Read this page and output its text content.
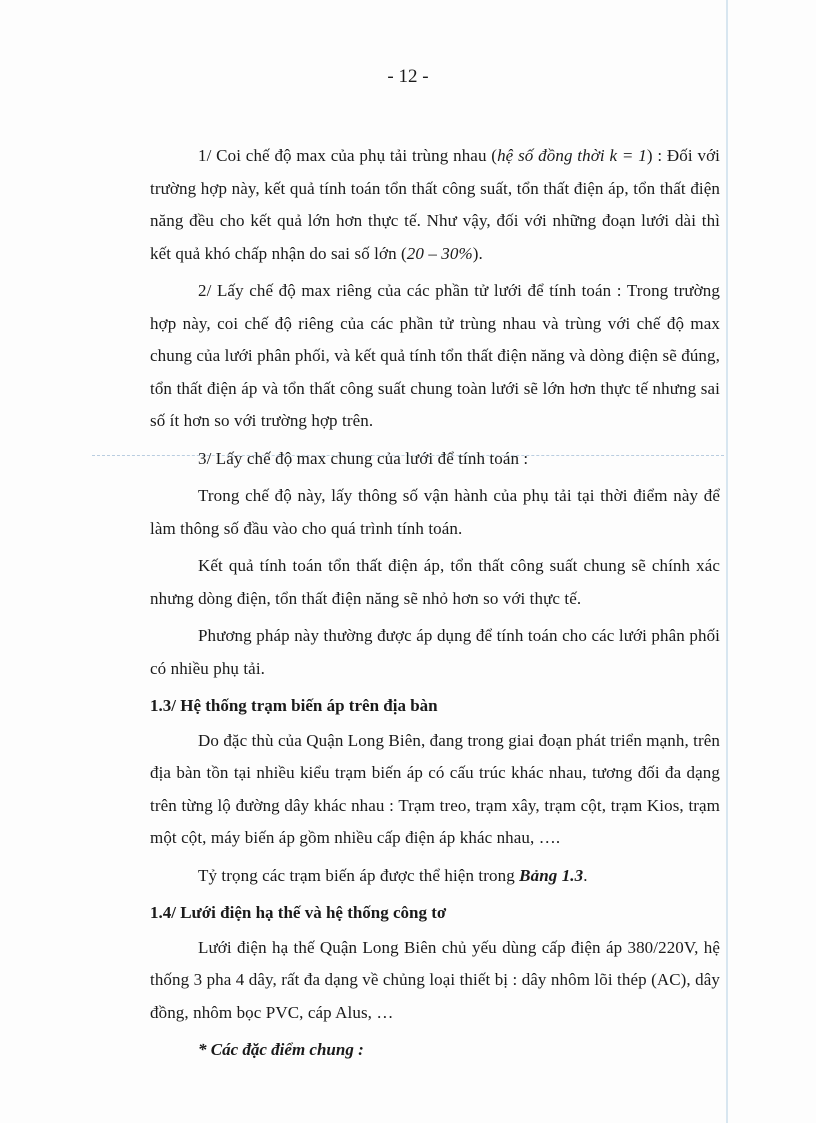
- 12 -

1/ Coi chế độ max của phụ tải trùng nhau (hệ số đồng thời k = 1) : Đối với trường hợp này, kết quả tính toán tổn thất công suất, tổn thất điện áp, tổn thất điện năng đều cho kết quả lớn hơn thực tế. Như vậy, đối với những đoạn lưới dài thì kết quả khó chấp nhận do sai số lớn (20 – 30%).

2/ Lấy chế độ max riêng của các phần tử lưới để tính toán : Trong trường hợp này, coi chế độ riêng của các phần tử trùng nhau và trùng với chế độ max chung của lưới phân phối, và kết quả tính tổn thất điện năng và dòng điện sẽ đúng, tổn thất điện áp và tổn thất công suất chung toàn lưới sẽ lớn hơn thực tế nhưng sai số ít hơn so với trường hợp trên.

3/ Lấy chế độ max chung của lưới để tính toán :

Trong chế độ này, lấy thông số vận hành của phụ tải tại thời điểm này để làm thông số đầu vào cho quá trình tính toán.

Kết quả tính toán tổn thất điện áp, tổn thất công suất chung sẽ chính xác nhưng dòng điện, tổn thất điện năng sẽ nhỏ hơn so với thực tế.

Phương pháp này thường được áp dụng để tính toán cho các lưới phân phối có nhiều phụ tải.

1.3/ Hệ thống trạm biến áp trên địa bàn

Do đặc thù của Quận Long Biên, đang trong giai đoạn phát triển mạnh, trên địa bàn tồn tại nhiều kiểu trạm biến áp có cấu trúc khác nhau, tương đối đa dạng trên từng lộ đường dây khác nhau : Trạm treo, trạm xây, trạm cột, trạm Kios, trạm một cột, máy biến áp gồm nhiều cấp điện áp khác nhau, ….

Tỷ trọng các trạm biến áp được thể hiện trong Bảng 1.3.

1.4/ Lưới điện hạ thế và hệ thống công tơ

Lưới điện hạ thế Quận Long Biên chủ yếu dùng cấp điện áp 380/220V, hệ thống 3 pha 4 dây, rất đa dạng về chủng loại thiết bị : dây nhôm lõi thép (AC), dây đồng, nhôm bọc PVC, cáp Alus, …

* Các đặc điểm chung :
